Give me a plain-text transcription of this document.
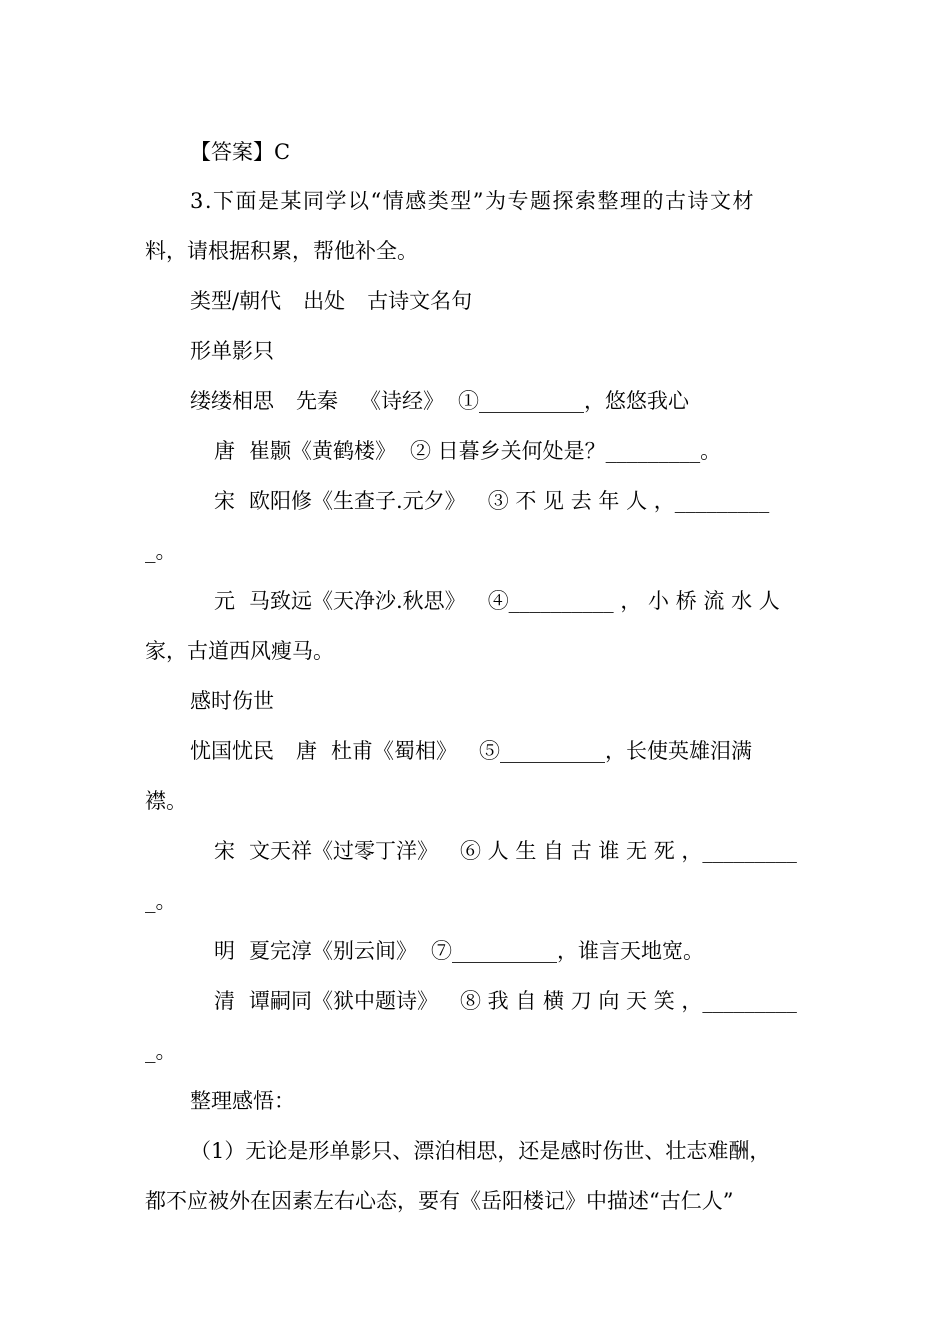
【答案】C
3.下面是某同学以“情感类型”为专题探索整理的古诗文材
料，请根据积累，帮他补全。
类型/朝代 出处 古诗文名句
形单影只
缕缕相思 先秦 《诗经》 ①__________，悠悠我心
唐 崔颢《黄鹤楼》 ② 日暮乡关何处是？_________。
宋 欧阳修《生查子.元夕》 ③ 不 见 去 年 人 ，_________
_。
元 马致远《天净沙.秋思》 ④__________ ， 小 桥 流 水 人
家，古道西风瘦马。
感时伤世
忧国忧民 唐 杜甫《蜀相》 ⑤__________，长使英雄泪满
襟。
宋 文天祥《过零丁洋》 ⑥ 人 生 自 古 谁 无 死 ，_________
_。
明 夏完淳《别云间》 ⑦__________，谁言天地宽。
清 谭嗣同《狱中题诗》 ⑧ 我 自 横 刀 向 天 笑 ，_________
_。
整理感悟：
（1）无论是形单影只、漂泊相思，还是感时伤世、壮志难酬，
都不应被外在因素左右心态，要有《岳阳楼记》中描述“古仁人”
